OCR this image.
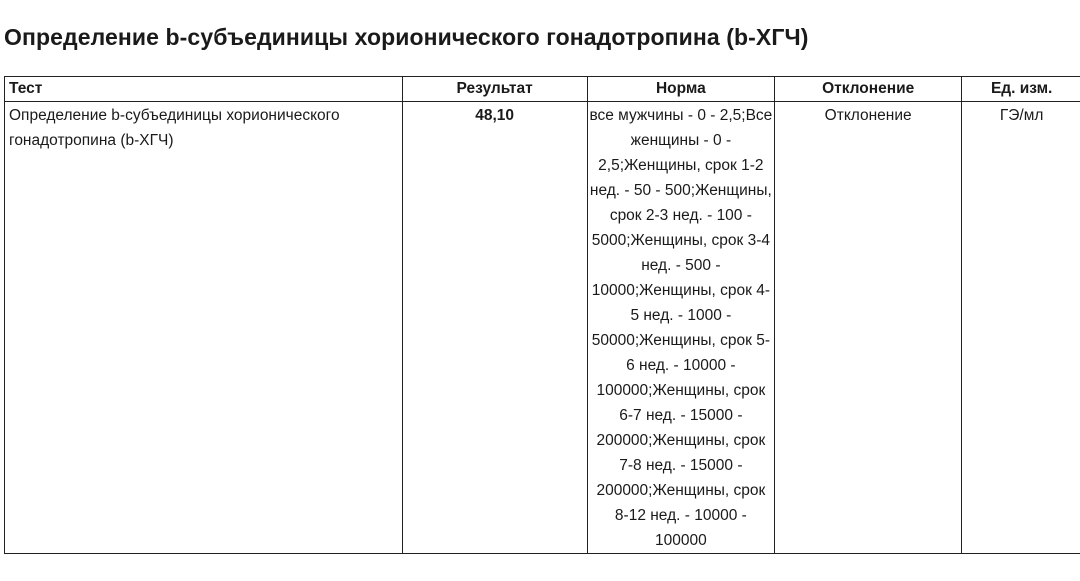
Определение b-субъединицы хорионического гонадотропина (b-ХГЧ)
Тест	Результат	Норма	Отклонение	Ед. изм.
Определение b-субъединицы хорионического гонадотропина (b-ХГЧ)	48,10	все мужчины - 0 - 2,5;Все женщины - 0 - 2,5;Женщины, срок 1-2 нед. - 50 - 500;Женщины, срок 2-3 нед. - 100 - 5000;Женщины, срок 3-4 нед. - 500 - 10000;Женщины, срок 4-5 нед. - 1000 - 50000;Женщины, срок 5-6 нед. - 10000 - 100000;Женщины, срок 6-7 нед. - 15000 - 200000;Женщины, срок 7-8 нед. - 15000 - 200000;Женщины, срок 8-12 нед. - 10000 - 100000	Отклонение	ГЭ/мл
